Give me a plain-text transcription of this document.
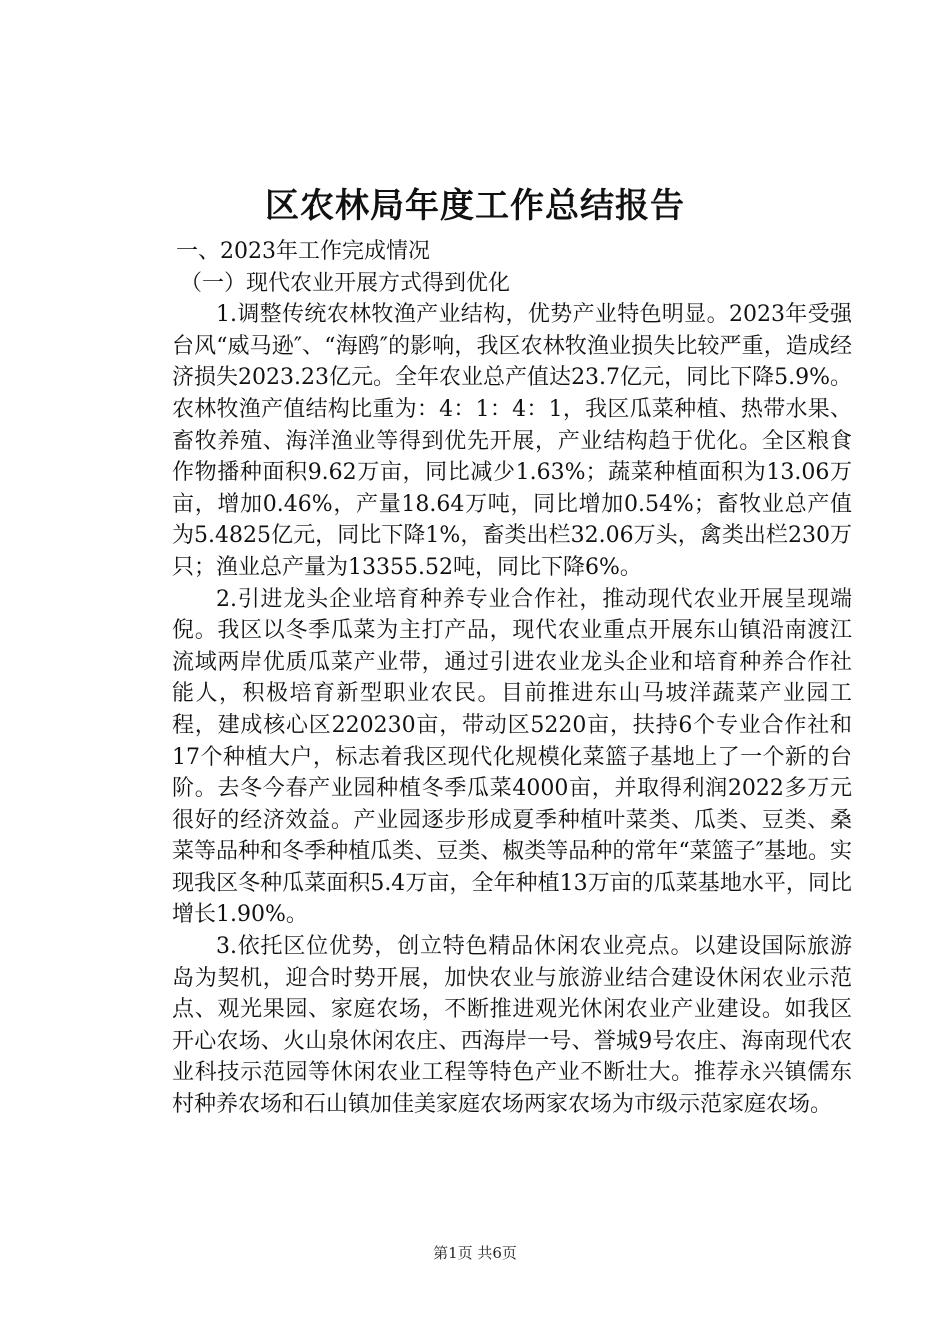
区农林局年度工作总结报告

一、2023年工作完成情况

（一）现代农业开展方式得到优化

1.调整传统农林牧渔产业结构，优势产业特色明显。2023年受强台风“威马逊″、“海鸥″的影响，我区农林牧渔业损失比较严重，造成经济损失2023.23亿元。全年农业总产值达23.7亿元，同比下降5.9%。农林牧渔产值结构比重为：4：1：4：1，我区瓜菜种植、热带水果、畜牧养殖、海洋渔业等得到优先开展，产业结构趋于优化。全区粮食作物播种面积9.62万亩，同比减少1.63%；蔬菜种植面积为13.06万亩，增加0.46%，产量18.64万吨，同比增加0.54%；畜牧业总产值为5.4825亿元，同比下降1%，畜类出栏32.06万头，禽类出栏230万只；渔业总产量为13355.52吨，同比下降6%。

2.引进龙头企业培育种养专业合作社，推动现代农业开展呈现端倪。我区以冬季瓜菜为主打产品，现代农业重点开展东山镇沿南渡江流域两岸优质瓜菜产业带，通过引进农业龙头企业和培育种养合作社能人，积极培育新型职业农民。目前推进东山马坡洋蔬菜产业园工程，建成核心区220230亩，带动区5220亩，扶持6个专业合作社和17个种植大户，标志着我区现代化规模化菜篮子基地上了一个新的台阶。去冬今春产业园种植冬季瓜菜4000亩，并取得利润2022多万元很好的经济效益。产业园逐步形成夏季种植叶菜类、瓜类、豆类、桑菜等品种和冬季种植瓜类、豆类、椒类等品种的常年“菜篮子″基地。实现我区冬种瓜菜面积5.4万亩，全年种植13万亩的瓜菜基地水平，同比增长1.90%。

3.依托区位优势，创立特色精品休闲农业亮点。以建设国际旅游岛为契机，迎合时势开展，加快农业与旅游业结合建设休闲农业示范点、观光果园、家庭农场，不断推进观光休闲农业产业建设。如我区开心农场、火山泉休闲农庄、西海岸一号、誉城9号农庄、海南现代农业科技示范园等休闲农业工程等特色产业不断壮大。推荐永兴镇儒东村种养农场和石山镇加佳美家庭农场两家农场为市级示范家庭农场。

第1页 共6页
